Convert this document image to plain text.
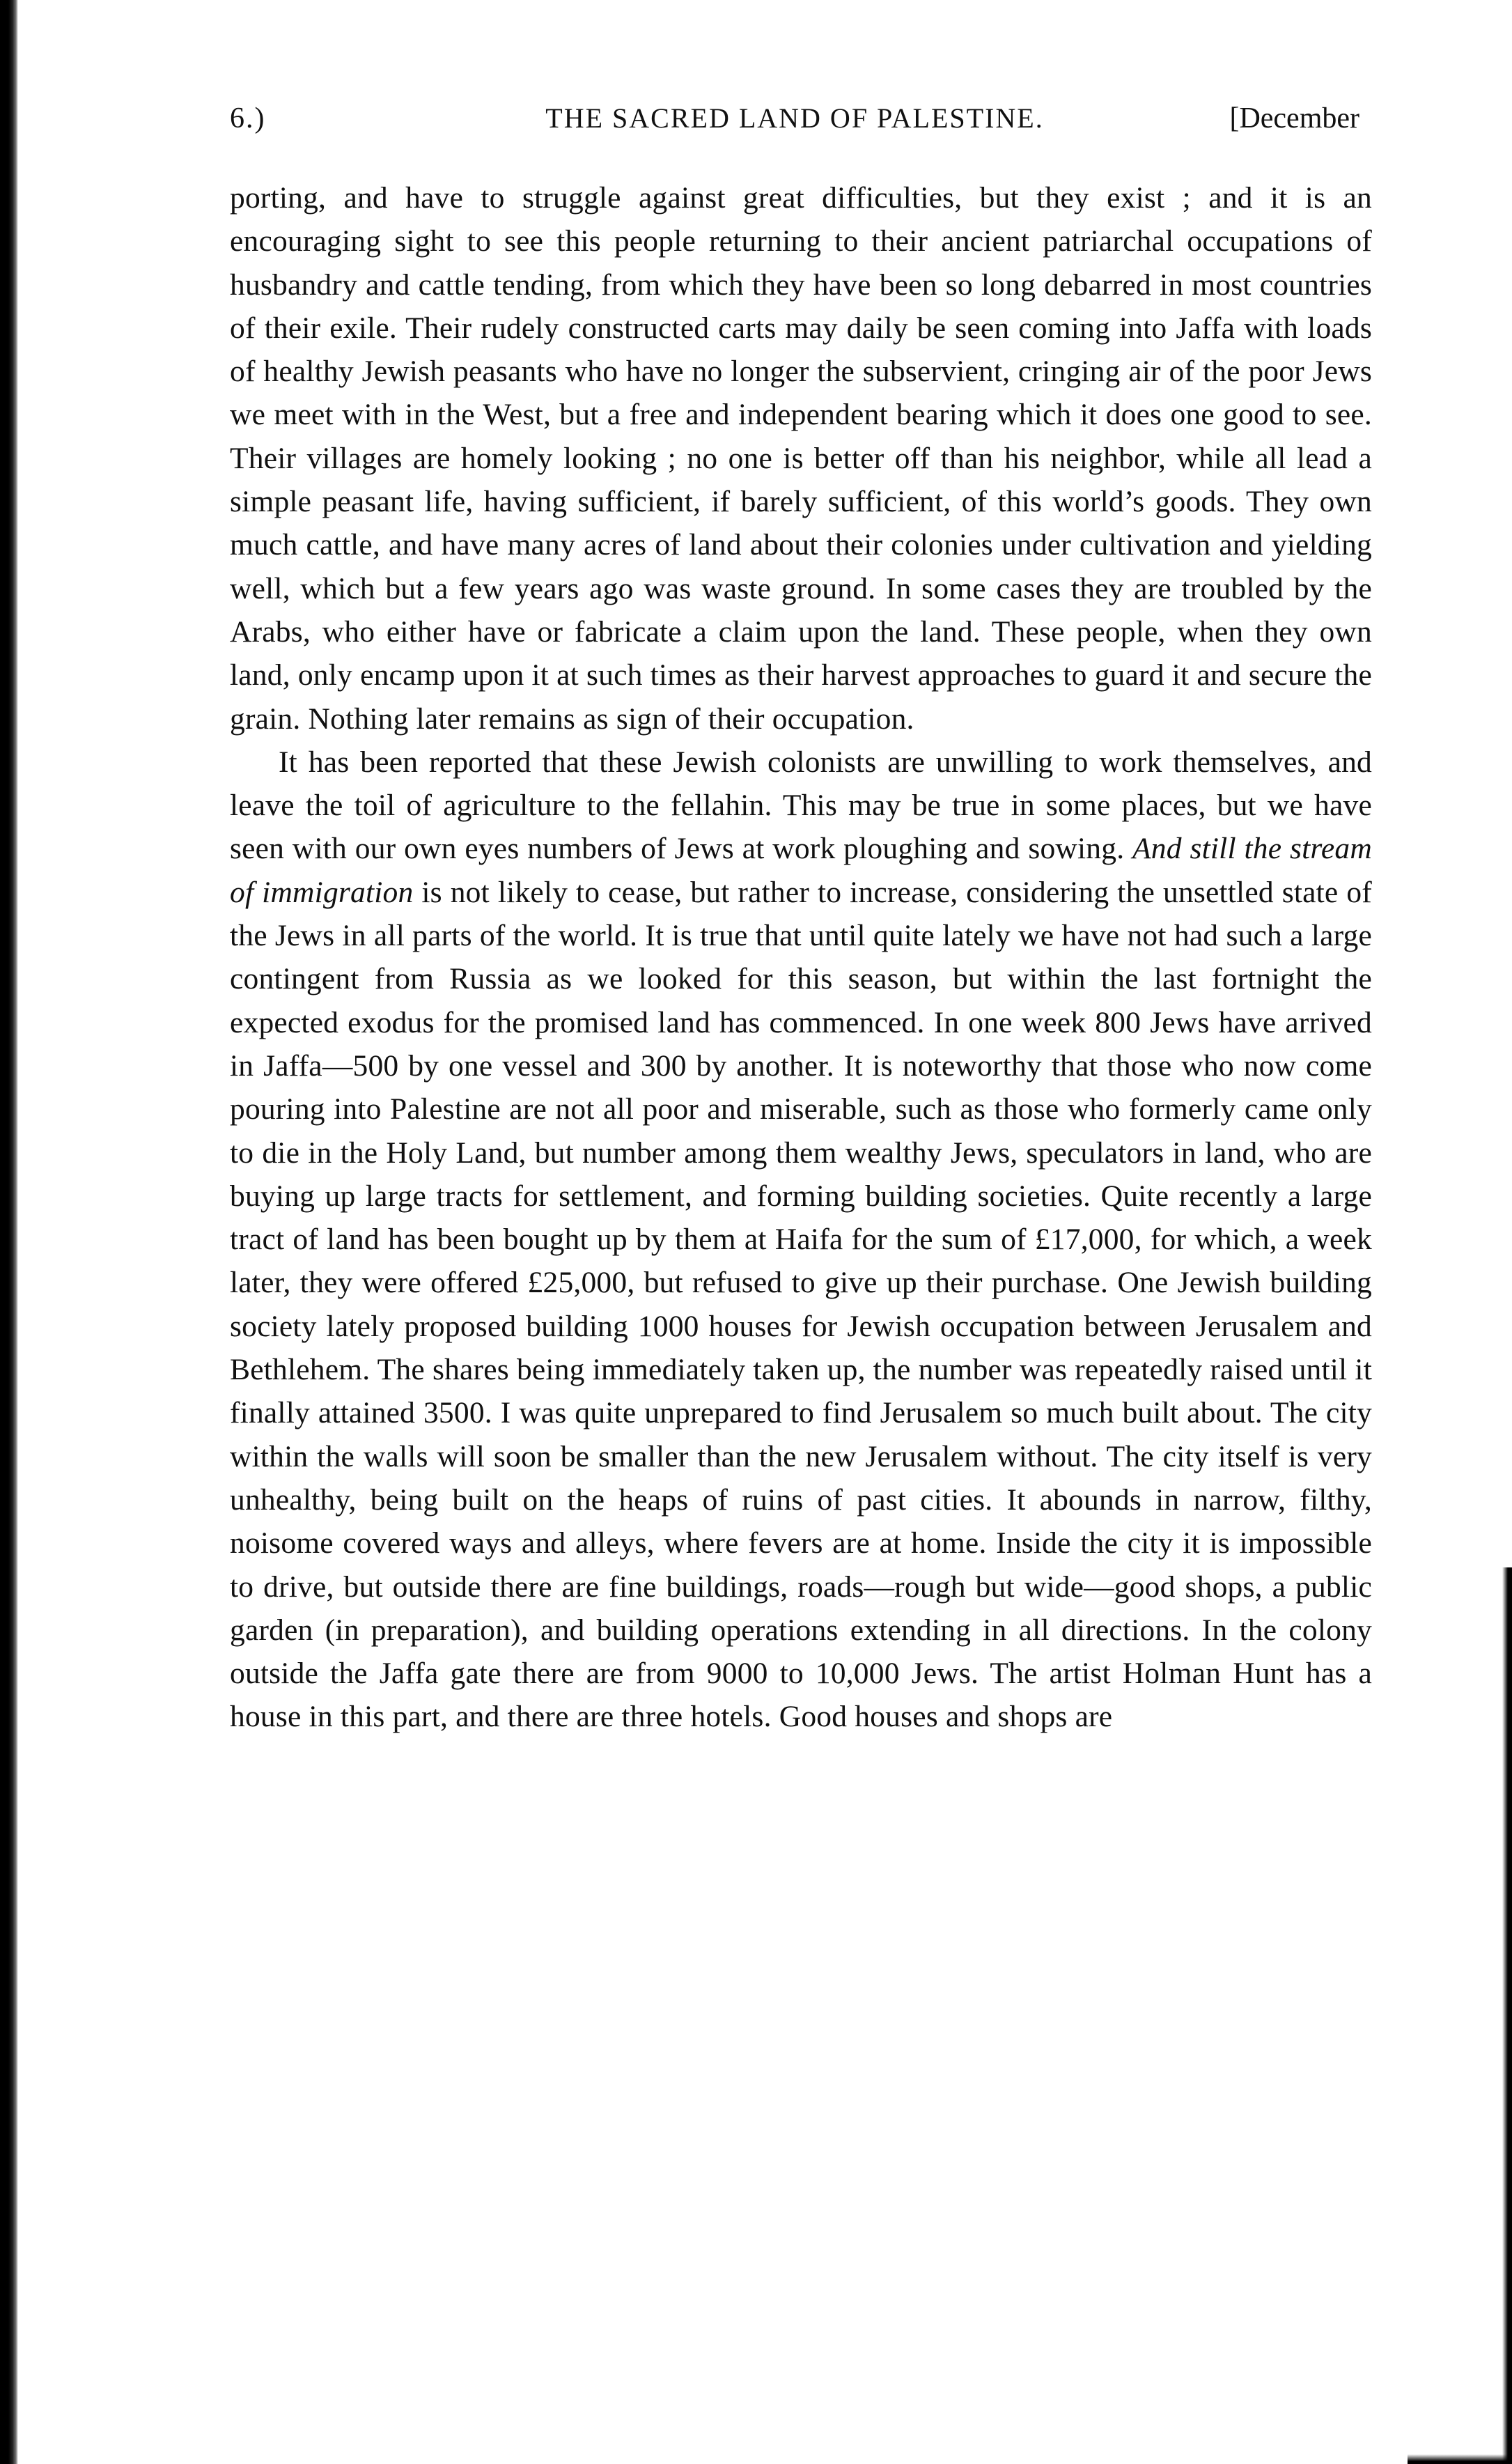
6.)	THE SACRED LAND OF PALESTINE.	[December

porting, and have to struggle against great difficulties, but they exist ; and it is an encouraging sight to see this people returning to their ancient patriarchal occupations of husbandry and cattle tending, from which they have been so long debarred in most countries of their exile. Their rudely constructed carts may daily be seen coming into Jaffa with loads of healthy Jewish peasants who have no longer the subservient, cringing air of the poor Jews we meet with in the West, but a free and independent bearing which it does one good to see. Their villages are homely looking ; no one is better off than his neighbor, while all lead a simple peasant life, having sufficient, if barely sufficient, of this world’s goods. They own much cattle, and have many acres of land about their colonies under cultivation and yielding well, which but a few years ago was waste ground. In some cases they are troubled by the Arabs, who either have or fabricate a claim upon the land. These people, when they own land, only encamp upon it at such times as their harvest approaches to guard it and secure the grain. Nothing later remains as sign of their occupation.

It has been reported that these Jewish colonists are unwilling to work themselves, and leave the toil of agriculture to the fellahin. This may be true in some places, but we have seen with our own eyes numbers of Jews at work ploughing and sowing. And still the stream of immigration is not likely to cease, but rather to increase, considering the unsettled state of the Jews in all parts of the world. It is true that until quite lately we have not had such a large contingent from Russia as we looked for this season, but within the last fortnight the expected exodus for the promised land has commenced. In one week 800 Jews have arrived in Jaffa—500 by one vessel and 300 by another. It is noteworthy that those who now come pouring into Palestine are not all poor and miserable, such as those who formerly came only to die in the Holy Land, but number among them wealthy Jews, speculators in land, who are buying up large tracts for settlement, and forming building societies. Quite recently a large tract of land has been bought up by them at Haifa for the sum of £17,000, for which, a week later, they were offered £25,000, but refused to give up their purchase. One Jewish building society lately proposed building 1000 houses for Jewish occupation between Jerusalem and Bethlehem. The shares being immediately taken up, the number was repeatedly raised until it finally attained 3500. I was quite unprepared to find Jerusalem so much built about. The city within the walls will soon be smaller than the new Jerusalem without. The city itself is very unhealthy, being built on the heaps of ruins of past cities. It abounds in narrow, filthy, noisome covered ways and alleys, where fevers are at home. Inside the city it is impossible to drive, but outside there are fine buildings, roads—rough but wide—good shops, a public garden (in preparation), and building operations extending in all directions. In the colony outside the Jaffa gate there are from 9000 to 10,000 Jews. The artist Holman Hunt has a house in this part, and there are three hotels. Good houses and shops are
